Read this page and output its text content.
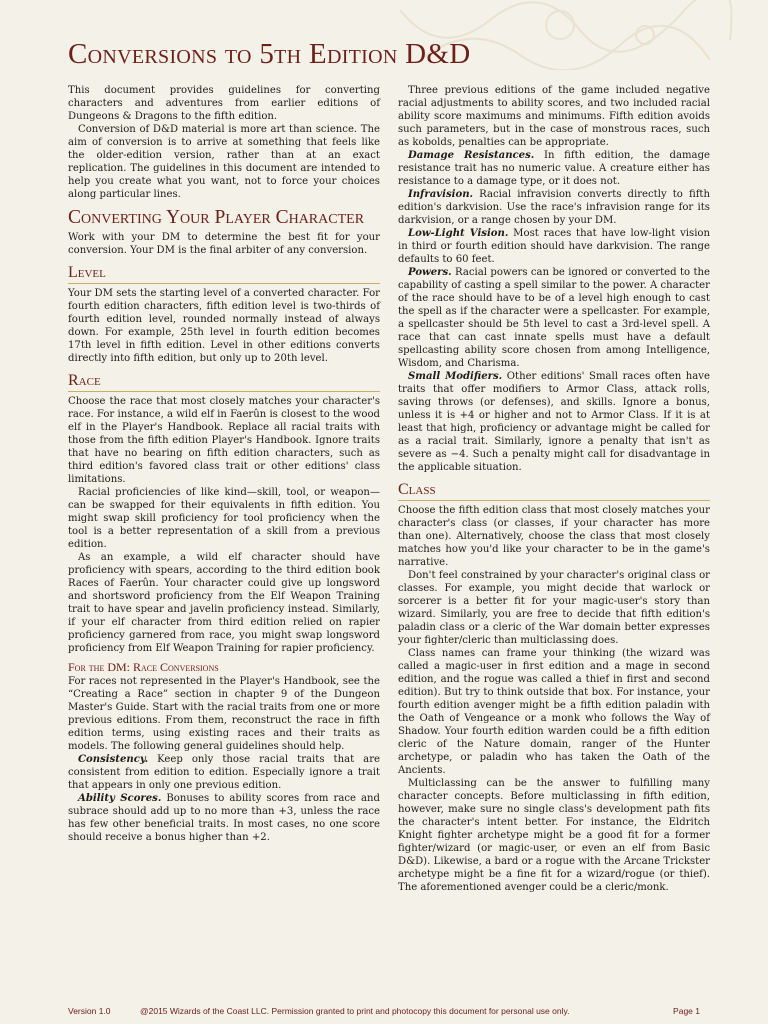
Conversions to 5th Edition D&D

This document provides guidelines for converting characters and adventures from earlier editions of Dungeons & Dragons to the fifth edition.

Conversion of D&D material is more art than science. The aim of conversion is to arrive at something that feels like the older-edition version, rather than at an exact replication. The guidelines in this document are intended to help you create what you want, not to force your choices along particular lines.

Converting Your Player Character

Work with your DM to determine the best fit for your conversion. Your DM is the final arbiter of any conversion.

Level

Your DM sets the starting level of a converted character. For fourth edition characters, fifth edition level is two-thirds of fourth edition level, rounded normally instead of always down. For example, 25th level in fourth edition becomes 17th level in fifth edition. Level in other editions converts directly into fifth edition, but only up to 20th level.

Race

Choose the race that most closely matches your character's race. For instance, a wild elf in Faerûn is closest to the wood elf in the Player's Handbook. Replace all racial traits with those from the fifth edition Player's Handbook. Ignore traits that have no bearing on fifth edition characters, such as third edition's favored class trait or other editions' class limitations.

Racial proficiencies of like kind—skill, tool, or weapon—can be swapped for their equivalents in fifth edition. You might swap skill proficiency for tool proficiency when the tool is a better representation of a skill from a previous edition.

As an example, a wild elf character should have proficiency with spears, according to the third edition book Races of Faerûn. Your character could give up longsword and shortsword proficiency from the Elf Weapon Training trait to have spear and javelin proficiency instead. Similarly, if your elf character from third edition relied on rapier proficiency garnered from race, you might swap longsword proficiency from Elf Weapon Training for rapier proficiency.

For the DM: Race Conversions

For races not represented in the Player's Handbook, see the “Creating a Race” section in chapter 9 of the Dungeon Master's Guide. Start with the racial traits from one or more previous editions. From them, reconstruct the race in fifth edition terms, using existing races and their traits as models. The following general guidelines should help.

Consistency. Keep only those racial traits that are consistent from edition to edition. Especially ignore a trait that appears in only one previous edition.

Ability Scores. Bonuses to ability scores from race and subrace should add up to no more than +3, unless the race has few other beneficial traits. In most cases, no one score should receive a bonus higher than +2.

Three previous editions of the game included negative racial adjustments to ability scores, and two included racial ability score maximums and minimums. Fifth edition avoids such parameters, but in the case of monstrous races, such as kobolds, penalties can be appropriate.

Damage Resistances. In fifth edition, the damage resistance trait has no numeric value. A creature either has resistance to a damage type, or it does not.

Infravision. Racial infravision converts directly to fifth edition's darkvision. Use the race's infravision range for its darkvision, or a range chosen by your DM.

Low-Light Vision. Most races that have low-light vision in third or fourth edition should have darkvision. The range defaults to 60 feet.

Powers. Racial powers can be ignored or converted to the capability of casting a spell similar to the power. A character of the race should have to be of a level high enough to cast the spell as if the character were a spellcaster. For example, a spellcaster should be 5th level to cast a 3rd-level spell. A race that can cast innate spells must have a default spellcasting ability score chosen from among Intelligence, Wisdom, and Charisma.

Small Modifiers. Other editions' Small races often have traits that offer modifiers to Armor Class, attack rolls, saving throws (or defenses), and skills. Ignore a bonus, unless it is +4 or higher and not to Armor Class. If it is at least that high, proficiency or advantage might be called for as a racial trait. Similarly, ignore a penalty that isn't as severe as −4. Such a penalty might call for disadvantage in the applicable situation.

Class

Choose the fifth edition class that most closely matches your character's class (or classes, if your character has more than one). Alternatively, choose the class that most closely matches how you'd like your character to be in the game's narrative.

Don't feel constrained by your character's original class or classes. For example, you might decide that warlock or sorcerer is a better fit for your magic-user's story than wizard. Similarly, you are free to decide that fifth edition's paladin class or a cleric of the War domain better expresses your fighter/cleric than multiclassing does.

Class names can frame your thinking (the wizard was called a magic-user in first edition and a mage in second edition, and the rogue was called a thief in first and second edition). But try to think outside that box. For instance, your fourth edition avenger might be a fifth edition paladin with the Oath of Vengeance or a monk who follows the Way of Shadow. Your fourth edition warden could be a fifth edition cleric of the Nature domain, ranger of the Hunter archetype, or paladin who has taken the Oath of the Ancients.

Multiclassing can be the answer to fulfilling many character concepts. Before multiclassing in fifth edition, however, make sure no single class's development path fits the character's intent better. For instance, the Eldritch Knight fighter archetype might be a good fit for a former fighter/wizard (or magic-user, or even an elf from Basic D&D). Likewise, a bard or a rogue with the Arcane Trickster archetype might be a fine fit for a wizard/rogue (or thief). The aforementioned avenger could be a cleric/monk.

Version 1.0	@2015 Wizards of the Coast LLC. Permission granted to print and photocopy this document for personal use only.	Page 1
